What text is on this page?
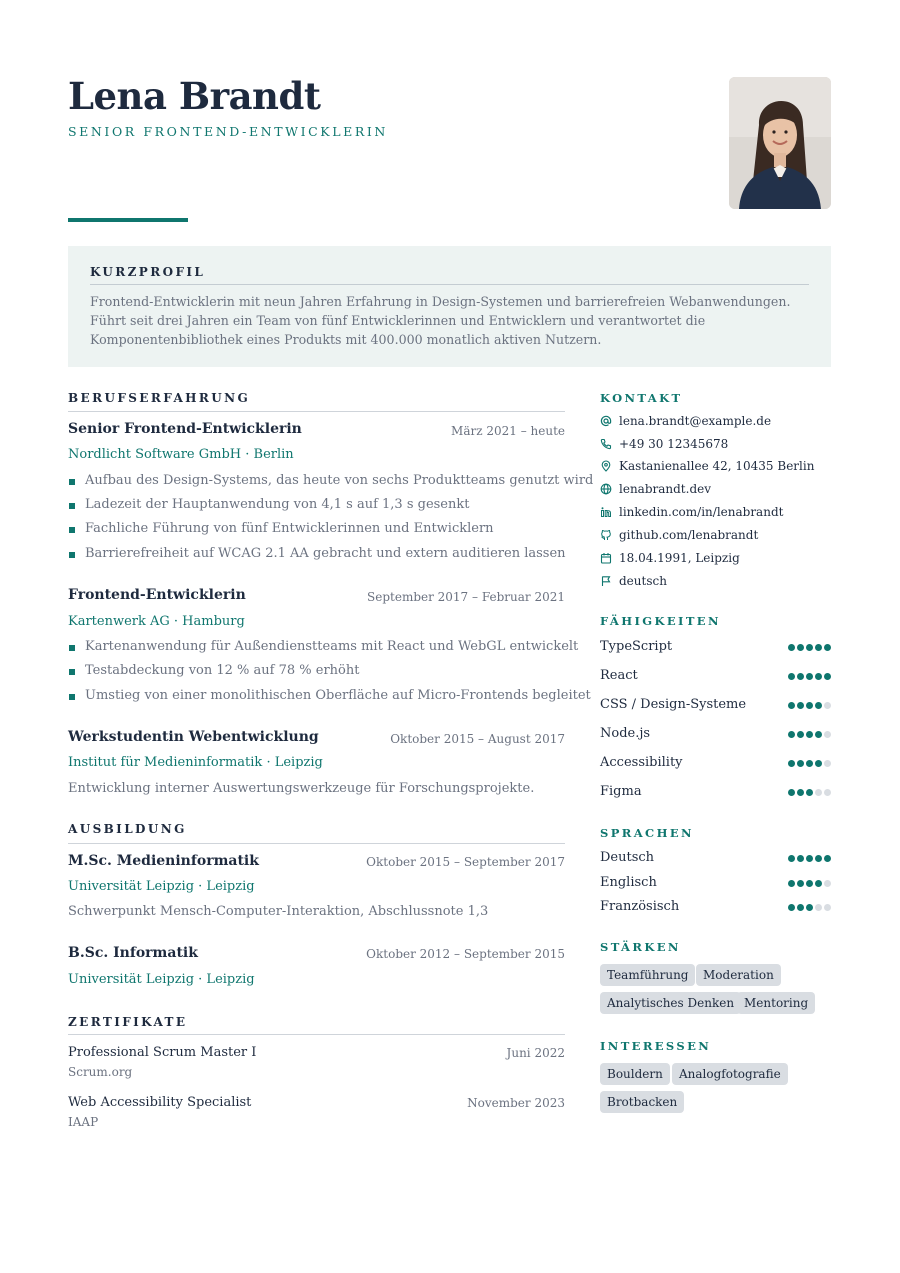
Lena Brandt
SENIOR FRONTEND-ENTWICKLERIN
KURZPROFIL
Frontend-Entwicklerin mit neun Jahren Erfahrung in Design-Systemen und barrierefreien Webanwendungen. Führt seit drei Jahren ein Team von fünf Entwicklerinnen und Entwicklern und verantwortet die Komponentenbibliothek eines Produkts mit 400.000 monatlich aktiven Nutzern.
BERUFSERFAHRUNG
Senior Frontend-Entwicklerin	März 2021 – heute
Nordlicht Software GmbH · Berlin
Aufbau des Design-Systems, das heute von sechs Produktteams genutzt wird
Ladezeit der Hauptanwendung von 4,1 s auf 1,3 s gesenkt
Fachliche Führung von fünf Entwicklerinnen und Entwicklern
Barrierefreiheit auf WCAG 2.1 AA gebracht und extern auditieren lassen
Frontend-Entwicklerin	September 2017 – Februar 2021
Kartenwerk AG · Hamburg
Kartenanwendung für Außendienstteams mit React und WebGL entwickelt
Testabdeckung von 12 % auf 78 % erhöht
Umstieg von einer monolithischen Oberfläche auf Micro-Frontends begleitet
Werkstudentin Webentwicklung	Oktober 2015 – August 2017
Institut für Medieninformatik · Leipzig
Entwicklung interner Auswertungswerkzeuge für Forschungsprojekte.
AUSBILDUNG
M.Sc. Medieninformatik	Oktober 2015 – September 2017
Universität Leipzig · Leipzig
Schwerpunkt Mensch-Computer-Interaktion, Abschlussnote 1,3
B.Sc. Informatik	Oktober 2012 – September 2015
Universität Leipzig · Leipzig
ZERTIFIKATE
Professional Scrum Master I	Juni 2022
Scrum.org
Web Accessibility Specialist	November 2023
IAAP
KONTAKT
lena.brandt@example.de
+49 30 12345678
Kastanienallee 42, 10435 Berlin
lenabrandt.dev
linkedin.com/in/lenabrandt
github.com/lenabrandt
18.04.1991, Leipzig
deutsch
FÄHIGKEITEN
TypeScript
React
CSS / Design-Systeme
Node.js
Accessibility
Figma
SPRACHEN
Deutsch
Englisch
Französisch
STÄRKEN
Teamführung	Moderation
Analytisches Denken Mentoring
INTERESSEN
Bouldern	Analogfotografie
Brotbacken
